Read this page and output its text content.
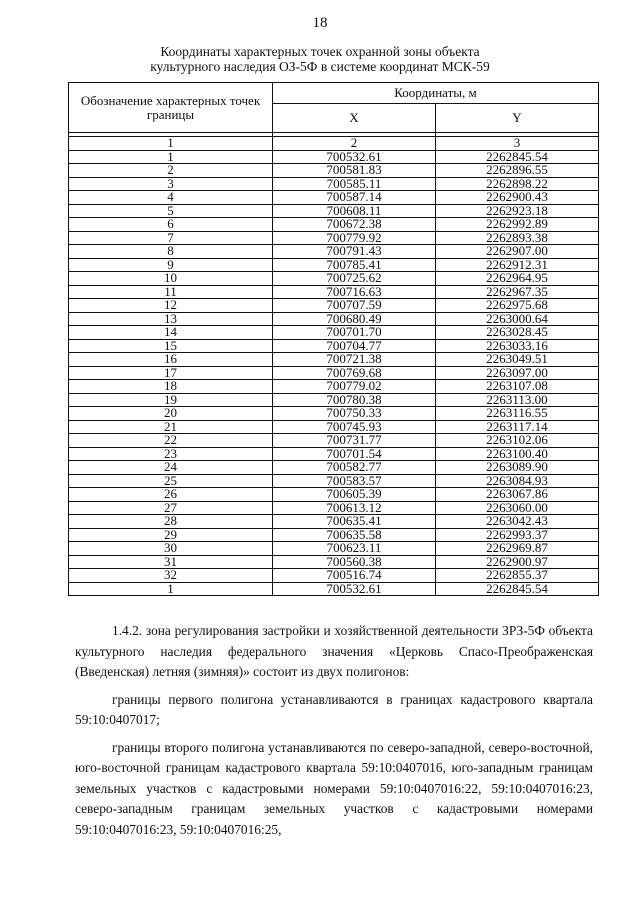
18
Координаты характерных точек охранной зоны объекта
культурного наследия ОЗ-5Ф в системе координат МСК-59
Обозначение характерных точек границы	Координаты, м	
	X	Y

1	2	3
1	700532.61	2262845.54
2	700581.83	2262896.55
3	700585.11	2262898.22
4	700587.14	2262900.43
5	700608.11	2262923.18
6	700672.38	2262992.89
7	700779.92	2262893.38
8	700791.43	2262907.00
9	700785.41	2262912.31
10	700725.62	2262964.95
11	700716.63	2262967.35
12	700707.59	2262975.68
13	700680.49	2263000.64
14	700701.70	2263028.45
15	700704.77	2263033.16
16	700721.38	2263049.51
17	700769.68	2263097.00
18	700779.02	2263107.08
19	700780.38	2263113.00
20	700750.33	2263116.55
21	700745.93	2263117.14
22	700731.77	2263102.06
23	700701.54	2263100.40
24	700582.77	2263089.90
25	700583.57	2263084.93
26	700605.39	2263067.86
27	700613.12	2263060.00
28	700635.41	2263042.43
29	700635.58	2262993.37
30	700623.11	2262969.87
31	700560.38	2262900.97
32	700516.74	2262855.37
1	700532.61	2262845.54

1.4.2. зона регулирования застройки и хозяйственной деятельности ЗРЗ-5Ф объекта культурного наследия федерального значения «Церковь Спасо-Преображенская (Введенская) летняя (зимняя)» состоит из двух полигонов:

границы первого полигона устанавливаются в границах кадастрового квартала 59:10:0407017;

границы второго полигона устанавливаются по северо-западной, северо-восточной, юго-восточной границам кадастрового квартала 59:10:0407016, юго-западным границам земельных участков с кадастровыми номерами 59:10:0407016:22, 59:10:0407016:23, северо-западным границам земельных участков с кадастровыми номерами 59:10:0407016:23, 59:10:0407016:25,
